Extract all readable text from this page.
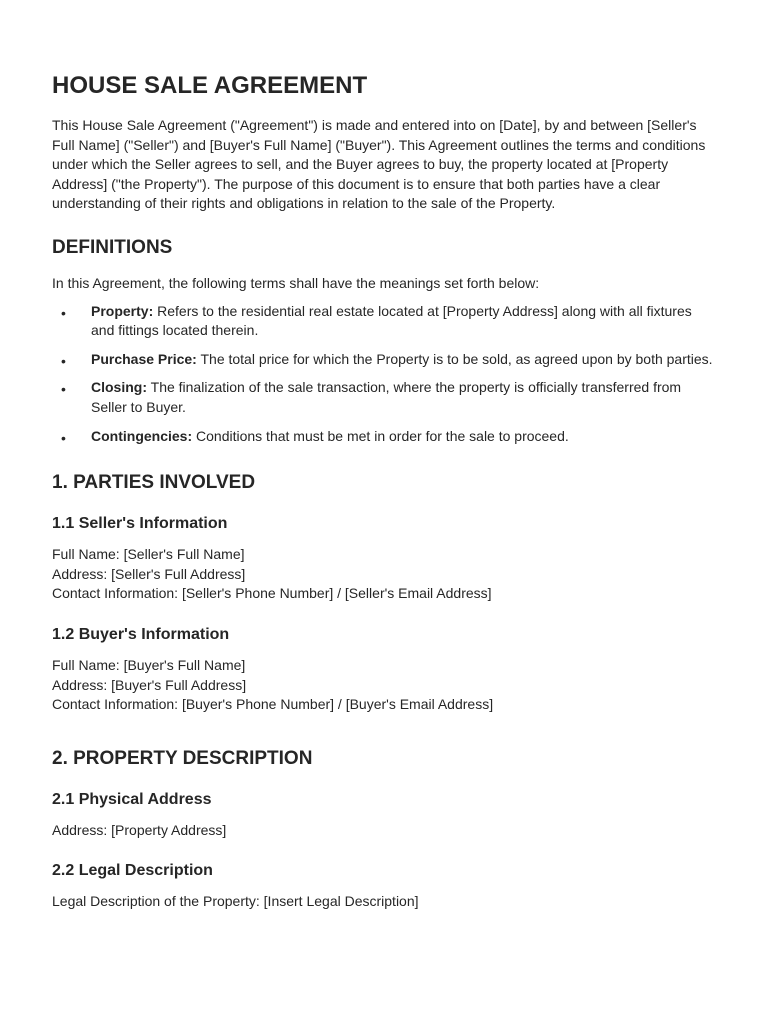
HOUSE SALE AGREEMENT

This House Sale Agreement ("Agreement") is made and entered into on [Date], by and between [Seller's Full Name] ("Seller") and [Buyer's Full Name] ("Buyer"). This Agreement outlines the terms and conditions under which the Seller agrees to sell, and the Buyer agrees to buy, the property located at [Property Address] ("the Property"). The purpose of this document is to ensure that both parties have a clear understanding of their rights and obligations in relation to the sale of the Property.

DEFINITIONS

In this Agreement, the following terms shall have the meanings set forth below:

• Property: Refers to the residential real estate located at [Property Address] along with all fixtures and fittings located therein.
• Purchase Price: The total price for which the Property is to be sold, as agreed upon by both parties.
• Closing: The finalization of the sale transaction, where the property is officially transferred from Seller to Buyer.
• Contingencies: Conditions that must be met in order for the sale to proceed.
1. PARTIES INVOLVED
1.1 Seller's Information

Full Name: [Seller's Full Name]

Address: [Seller's Full Address]

Contact Information: [Seller's Phone Number] / [Seller's Email Address]

1.2 Buyer's Information

Full Name: [Buyer's Full Name]

Address: [Buyer's Full Address]

Contact Information: [Buyer's Phone Number] / [Buyer's Email Address]

2. PROPERTY DESCRIPTION
2.1 Physical Address

Address: [Property Address]

2.2 Legal Description

Legal Description of the Property: [Insert Legal Description]
